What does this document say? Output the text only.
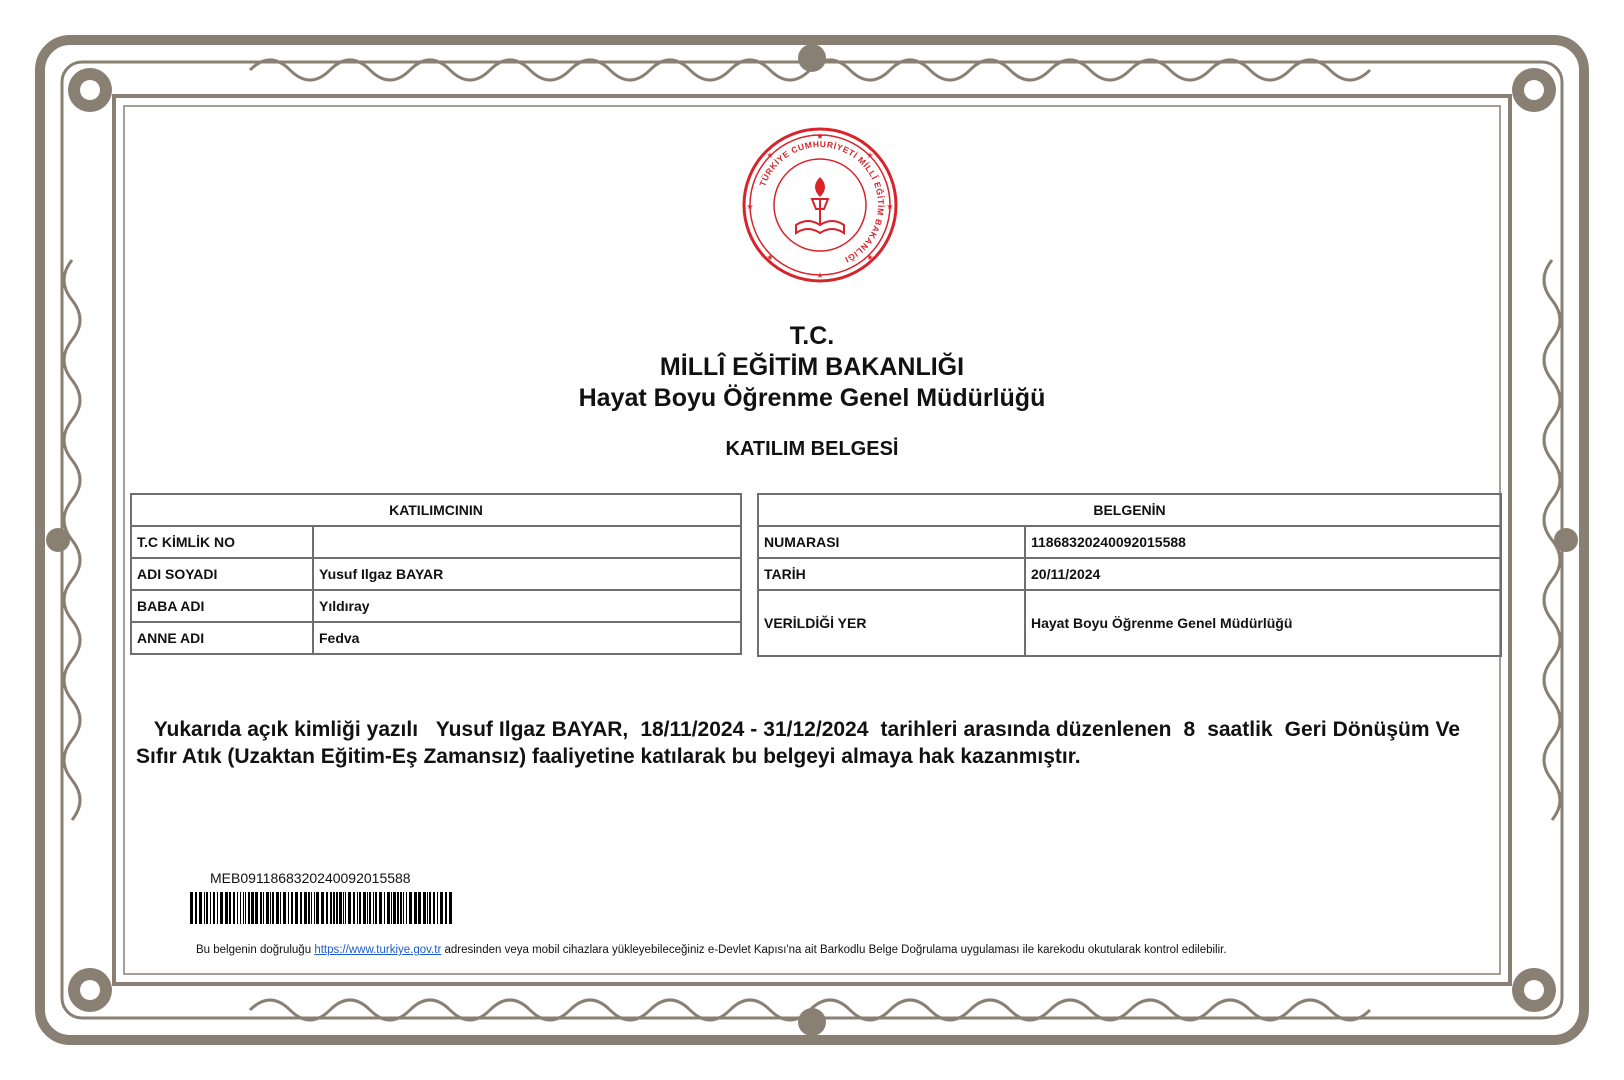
★
★
★	★
★	★
★	★
TÜRKİYE CUMHURİYETİ MİLLÎ EĞİTİM BAKANLIĞI
T.C.
MİLLÎ EĞİTİM BAKANLIĞI
Hayat Boyu Öğrenme Genel Müdürlüğü
KATILIM BELGESİ
KATILIMCININ	
T.C KİMLİK NO	
ADI SOYADI	Yusuf Ilgaz BAYAR
BABA ADI	Yıldıray
ANNE ADI	Fedva
BELGENİN	
NUMARASI	11868320240092015588
TARİH	20/11/2024
VERİLDİĞİ YER	Hayat Boyu Öğrenme Genel Müdürlüğü
Yukarıda açık kimliği yazılı Yusuf Ilgaz BAYAR, 18/11/2024 - 31/12/2024 tarihleri arasında düzenlenen 8 saatlik Geri Dönüşüm Ve Sıfır Atık (Uzaktan Eğitim-Eş Zamansız) faaliyetine katılarak bu belgeyi almaya hak kazanmıştır.
MEB0911868320240092015588
Bu belgenin doğruluğu https://www.turkiye.gov.tr adresinden veya mobil cihazlara yükleyebileceğiniz e-Devlet Kapısı'na ait Barkodlu Belge Doğrulama uygulaması ile karekodu okutularak kontrol edilebilir.
